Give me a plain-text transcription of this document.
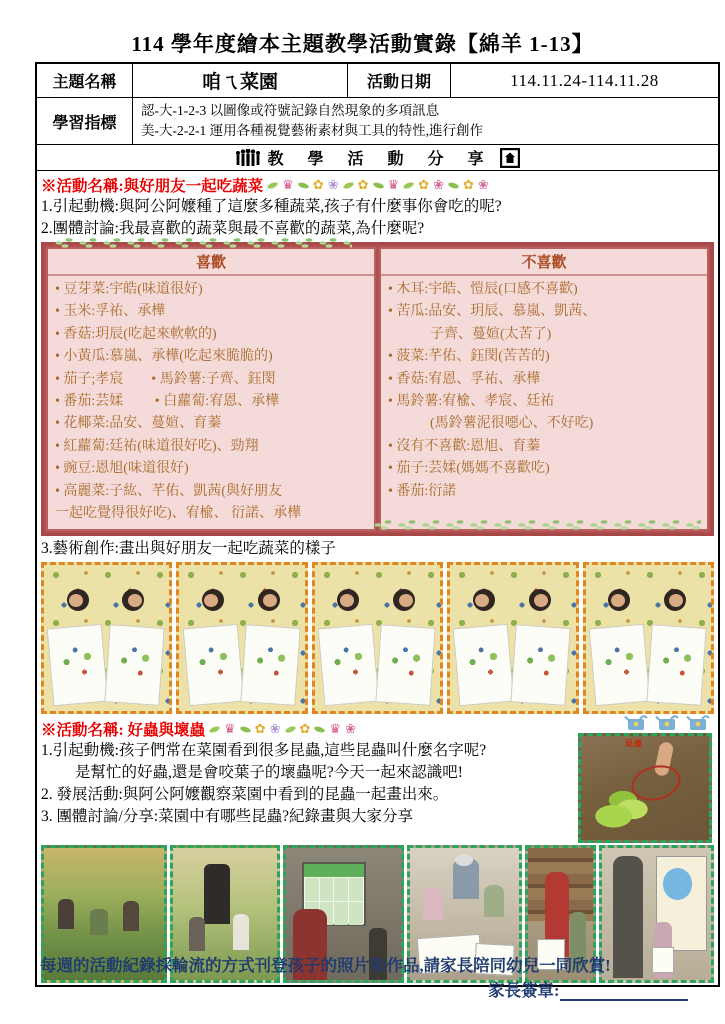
114 學年度繪本主題教學活動實錄【綿羊 1-13】
主題名稱	咱ㄟ菜園	活動日期	114.11.24-114.11.28
學習指標
認-大-1-2-3 以圖像或符號記錄自然現象的多項訊息
美-大-2-2-1 運用各種視覺藝術素材與工具的特性,進行創作
教 學 活 動 分 享
※活動名稱:與好朋友一起吃蔬菜 ♛ ✿ ❀ ✿ ♛ ✿ ❀ ✿ ❀

1.引起動機:與阿公阿嬤種了這麼多種蔬菜,孩子有什麼事你會吃的呢?

2.團體討論:我最喜歡的蔬菜與最不喜歡的蔬菜,為什麼呢?

喜歡
• 豆芽菜:宇皓(味道很好)
• 玉米:孚祐、承樺
• 香菇:玥辰(吃起來軟軟的)
• 小黃瓜:慕嵐、承樺(吃起來脆脆的)
• 茄子;孝宸　　• 馬鈴薯:子齊、鈺閔
• 番茄:芸媃　　 • 白蘿蔔:宥恩、承樺
• 花椰菜:品安、蔓媗、育蓁
• 紅蘿蔔:廷祐(味道很好吃)、勁翔
• 豌豆:恩旭(味道很好)
• 高麗菜:子紘、芊佑、凱茜(與好朋友
一起吃覺得很好吃)、宥楡、 衍諾、承樺
不喜歡
• 木耳:宇皓、愷辰(口感不喜歡)
• 苦瓜:品安、玥辰、慕嵐、凱茜、
　　　子齊、蔓媗(太苦了)
• 菠菜:芊佑、鈺閔(苦苦的)
• 香菇:宥恩、孚祐、承樺
• 馬鈴薯:宥楡、孝宸、廷祐
　　　(馬鈴薯泥很噁心、不好吃)
• 沒有不喜歡:恩旭、育蓁
• 茄子:芸媃(媽媽不喜歡吃)
• 番茄:衍諾

3.藝術創作:畫出與好朋友一起吃蔬菜的樣子

※活動名稱: 好蟲與壞蟲 ♛ ✿ ❀ ✿ ♛ ❀

1.引起動機:孩子們常在菜園看到很多昆蟲,這些昆蟲叫什麼名字呢?

是幫忙的好蟲,還是會咬葉子的壞蟲呢?今天一起來認識吧!

2. 發展活動:與阿公阿嬤觀察菜園中看到的昆蟲一起畫出來。

3. 團體討論/分享:菜園中有哪些昆蟲?紀錄畫與大家分享

昆蟲
每週的活動紀錄採輪流的方式刊登孩子的照片和作品,請家長陪同幼兒一同欣賞!
家長簽章:
